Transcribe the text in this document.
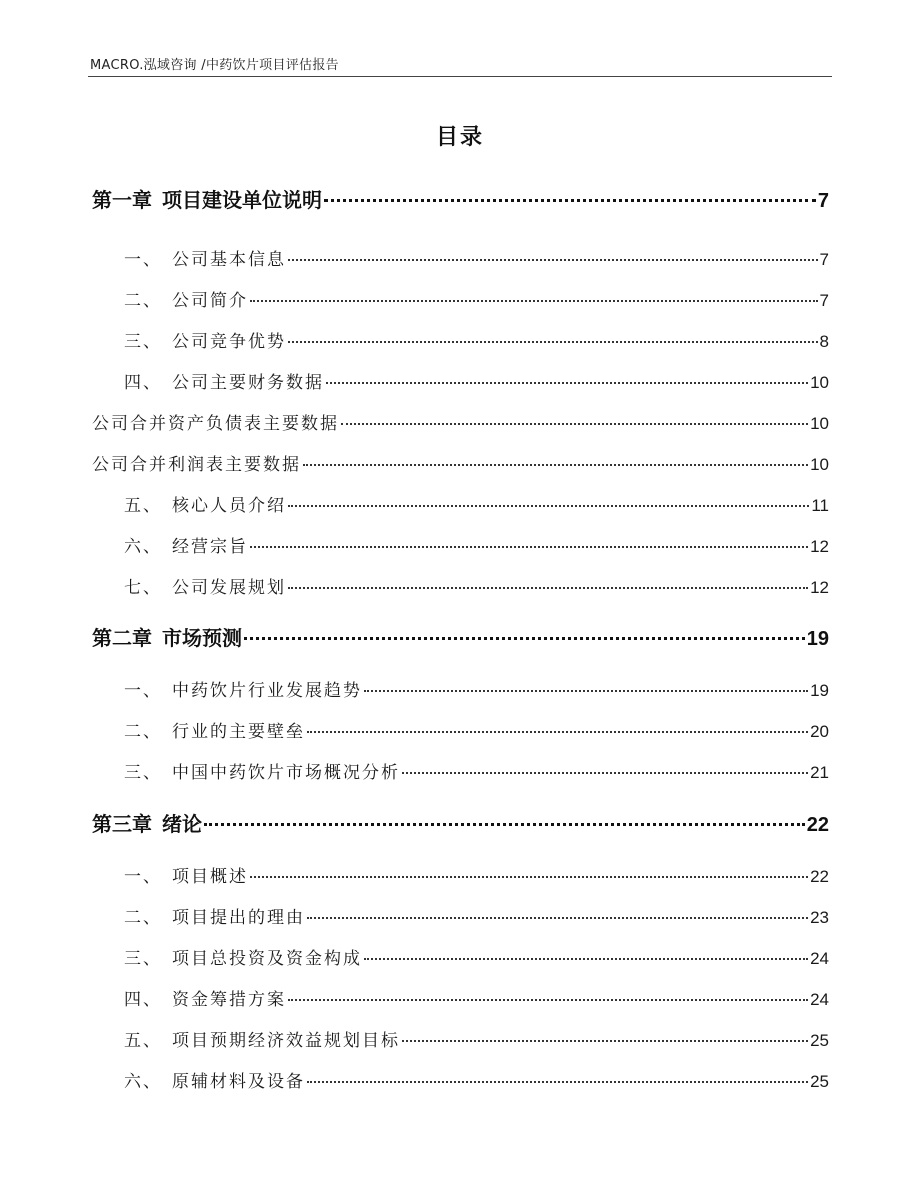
MACRO.泓域咨询 /中药饮片项目评估报告
目录
第一章 项目建设单位说明	7
一、 公司基本信息	7
二、 公司简介	7
三、 公司竞争优势	8
四、 公司主要财务数据	10
公司合并资产负债表主要数据	10
公司合并利润表主要数据	10
五、 核心人员介绍	11
六、 经营宗旨	12
七、 公司发展规划	12
第二章 市场预测	19
一、 中药饮片行业发展趋势	19
二、 行业的主要壁垒	20
三、 中国中药饮片市场概况分析	21
第三章 绪论	22
一、 项目概述	22
二、 项目提出的理由	23
三、 项目总投资及资金构成	24
四、 资金筹措方案	24
五、 项目预期经济效益规划目标	25
六、 原辅材料及设备	25
